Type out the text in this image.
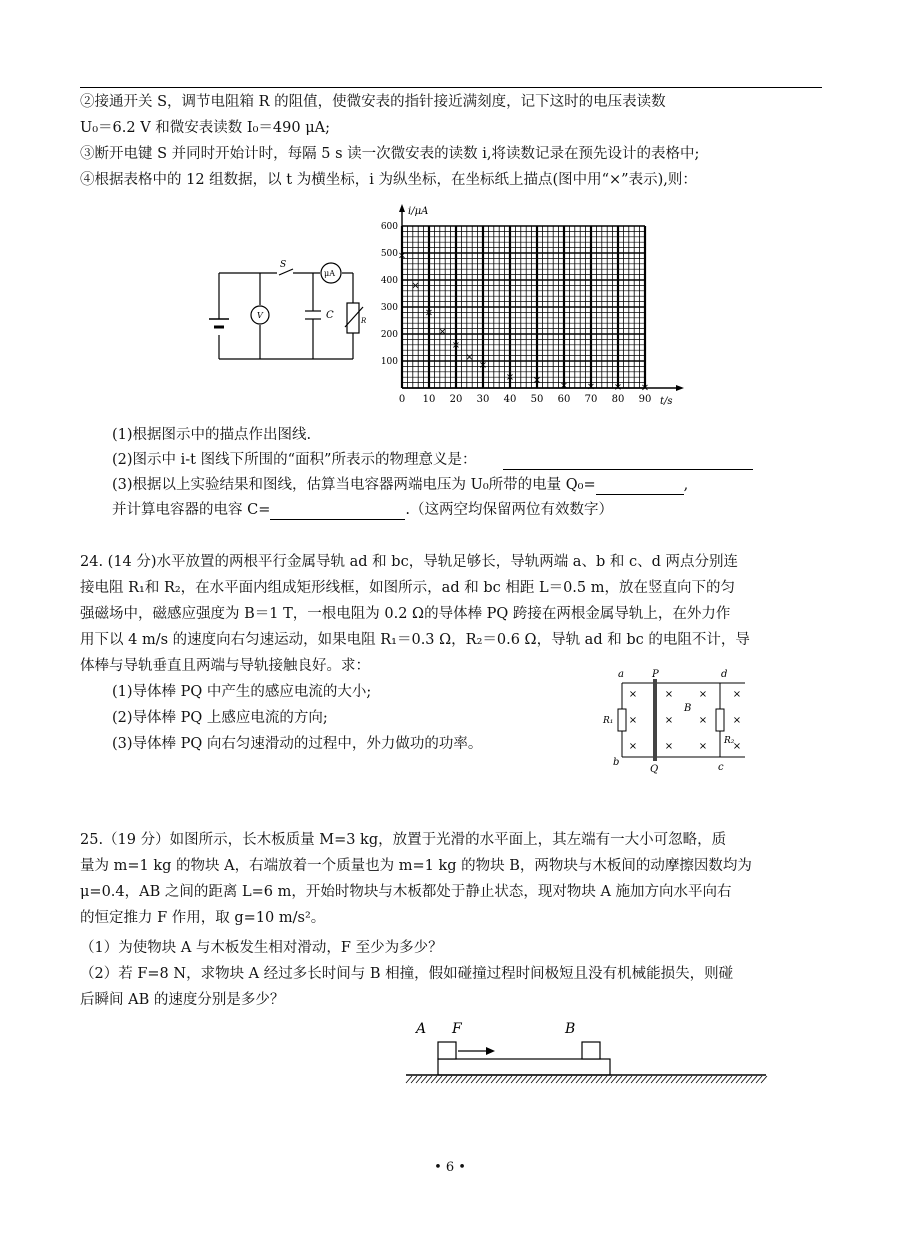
②接通开关 S，调节电阻箱 R 的阻值，使微安表的指针接近满刻度，记下这时的电压表读数
U₀＝6.2 V 和微安表读数 I₀＝490 μA;
③断开电键 S 并同时开始计时，每隔 5 s 读一次微安表的读数 i,将读数记录在预先设计的表格中;
④根据表格中的 12 组数据，以 t 为横坐标，i 为纵坐标，在坐标纸上描点(图中用“×”表示),则：
S
μA
V	C	R
0 10 20 30 40 50 60 70 80 90
100
200
300
400
500
600
×
×
×
×
×
×
×
× × × × × ×
i/μA
t/s
(1)根据图示中的描点作出图线.
(2)图示中 i-t 图线下所围的“面积”所表示的物理意义是：
(3)根据以上实验结果和图线，估算当电容器两端电压为 U₀所带的电量 Q₀=	,
并计算电容器的电容 C=	.（这两空均保留两位有效数字）
24. (14 分)水平放置的两根平行金属导轨 ad 和 bc，导轨足够长，导轨两端 a、b 和 c、d 两点分别连
接电阻 R₁和 R₂，在水平面内组成矩形线框，如图所示，ad 和 bc 相距 L＝0.5 m，放在竖直向下的匀
强磁场中，磁感应强度为 B＝1 T，一根电阻为 0.2 Ω的导体棒 PQ 跨接在两根金属导轨上，在外力作
用下以 4 m/s 的速度向右匀速运动，如果电阻 R₁＝0.3 Ω，R₂＝0.6 Ω，导轨 ad 和 bc 的电阻不计，导
体棒与导轨垂直且两端与导轨接触良好。求：
(1)导体棒 PQ 中产生的感应电流的大小;
(2)导体棒 PQ 上感应电流的方向;
(3)导体棒 PQ 向右匀速滑动的过程中，外力做功的功率。
×
×
×
×
×
×
×
×
×
×
×
×
a	P	d
b
Q	c
B
R₁
R₂
25.（19 分）如图所示，长木板质量 M=3 kg，放置于光滑的水平面上，其左端有一大小可忽略，质
量为 m=1 kg 的物块 A，右端放着一个质量也为 m=1 kg 的物块 B，两物块与木板间的动摩擦因数均为
μ=0.4，AB 之间的距离 L=6 m，开始时物块与木板都处于静止状态，现对物块 A 施加方向水平向右
的恒定推力 F 作用，取 g=10 m/s²。
（1）为使物块 A 与木板发生相对滑动，F 至少为多少？
（2）若 F=8 N，求物块 A 经过多长时间与 B 相撞，假如碰撞过程时间极短且没有机械能损失，则碰
后瞬间 AB 的速度分别是多少？
A F	B
• 6 •
